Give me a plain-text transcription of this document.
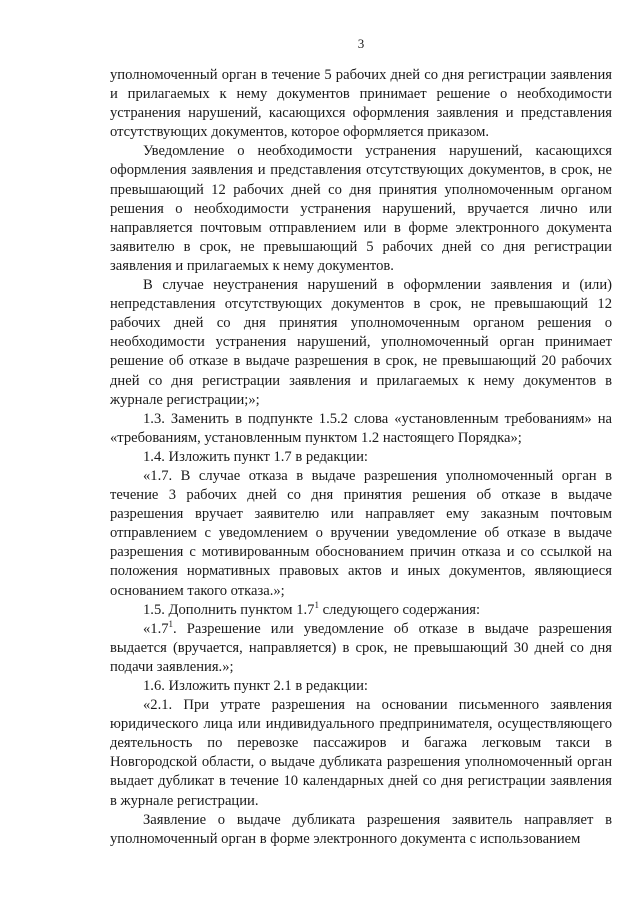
3

уполномоченный орган в течение 5 рабочих дней со дня регистрации заявления и прилагаемых к нему документов принимает решение о необходимости устранения нарушений, касающихся оформления заявления и представления отсутствующих документов, которое оформляется приказом.

Уведомление о необходимости устранения нарушений, касающихся оформления заявления и представления отсутствующих документов, в срок, не превышающий 12 рабочих дней со дня принятия уполномоченным органом решения о необходимости устранения нарушений, вручается лично или направляется почтовым отправлением или в форме электронного документа заявителю в срок, не превышающий 5 рабочих дней со дня регистрации заявления и прилагаемых к нему документов.

В случае неустранения нарушений в оформлении заявления и (или) непредставления отсутствующих документов в срок, не превышающий 12 рабочих дней со дня принятия уполномоченным органом решения о необходимости устранения нарушений, уполномоченный орган принимает решение об отказе в выдаче разрешения в срок, не превышающий 20 рабочих дней со дня регистрации заявления и прилагаемых к нему документов в журнале регистрации;»;

1.3. Заменить в подпункте 1.5.2 слова «установленным требованиям» на «требованиям, установленным пунктом 1.2 настоящего Порядка»;

1.4. Изложить пункт 1.7 в редакции:

«1.7. В случае отказа в выдаче разрешения уполномоченный орган в течение 3 рабочих дней со дня принятия решения об отказе в выдаче разрешения вручает заявителю или направляет ему заказным почтовым отправлением с уведомлением о вручении уведомление об отказе в выдаче разрешения с мотивированным обоснованием причин отказа и со ссылкой на положения нормативных правовых актов и иных документов, являющиеся основанием такого отказа.»;

1.5. Дополнить пунктом $1.7^1$ следующего содержания:

«$1.7^1$. Разрешение или уведомление об отказе в выдаче разрешения выдается (вручается, направляется) в срок, не превышающий 30 дней со дня подачи заявления.»;

1.6. Изложить пункт 2.1 в редакции:

«2.1. При утрате разрешения на основании письменного заявления юридического лица или индивидуального предпринимателя, осуществляющего деятельность по перевозке пассажиров и багажа легковым такси в Новгородской области, о выдаче дубликата разрешения уполномоченный орган выдает дубликат в течение 10 календарных дней со дня регистрации заявления в журнале регистрации.

Заявление о выдаче дубликата разрешения заявитель направляет в уполномоченный орган в форме электронного документа с использованием
